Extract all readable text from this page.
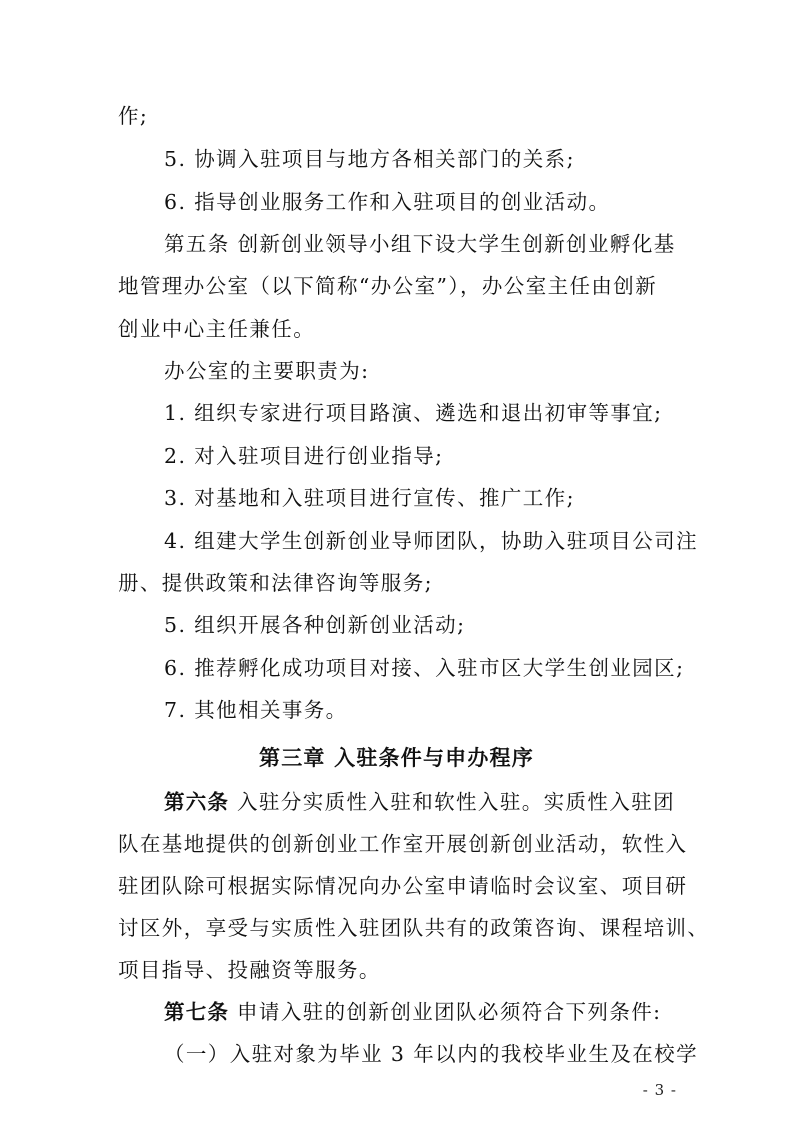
作;
5. 协调入驻项目与地方各相关部门的关系;
6. 指导创业服务工作和入驻项目的创业活动。
第五条 创新创业领导小组下设大学生创新创业孵化基
地管理办公室（以下简称“办公室”），办公室主任由创新
创业中心主任兼任。
办公室的主要职责为:
1. 组织专家进行项目路演、遴选和退出初审等事宜;
2. 对入驻项目进行创业指导;
3. 对基地和入驻项目进行宣传、推广工作;
4. 组建大学生创新创业导师团队，协助入驻项目公司注
册、提供政策和法律咨询等服务;
5. 组织开展各种创新创业活动;
6. 推荐孵化成功项目对接、入驻市区大学生创业园区;
7. 其他相关事务。
第三章 入驻条件与申办程序
第六条 入驻分实质性入驻和软性入驻。实质性入驻团
队在基地提供的创新创业工作室开展创新创业活动，软性入
驻团队除可根据实际情况向办公室申请临时会议室、项目研
讨区外，享受与实质性入驻团队共有的政策咨询、课程培训、
项目指导、投融资等服务。
第七条 申请入驻的创新创业团队必须符合下列条件:
（一）入驻对象为毕业 3 年以内的我校毕业生及在校学
- 3 -
